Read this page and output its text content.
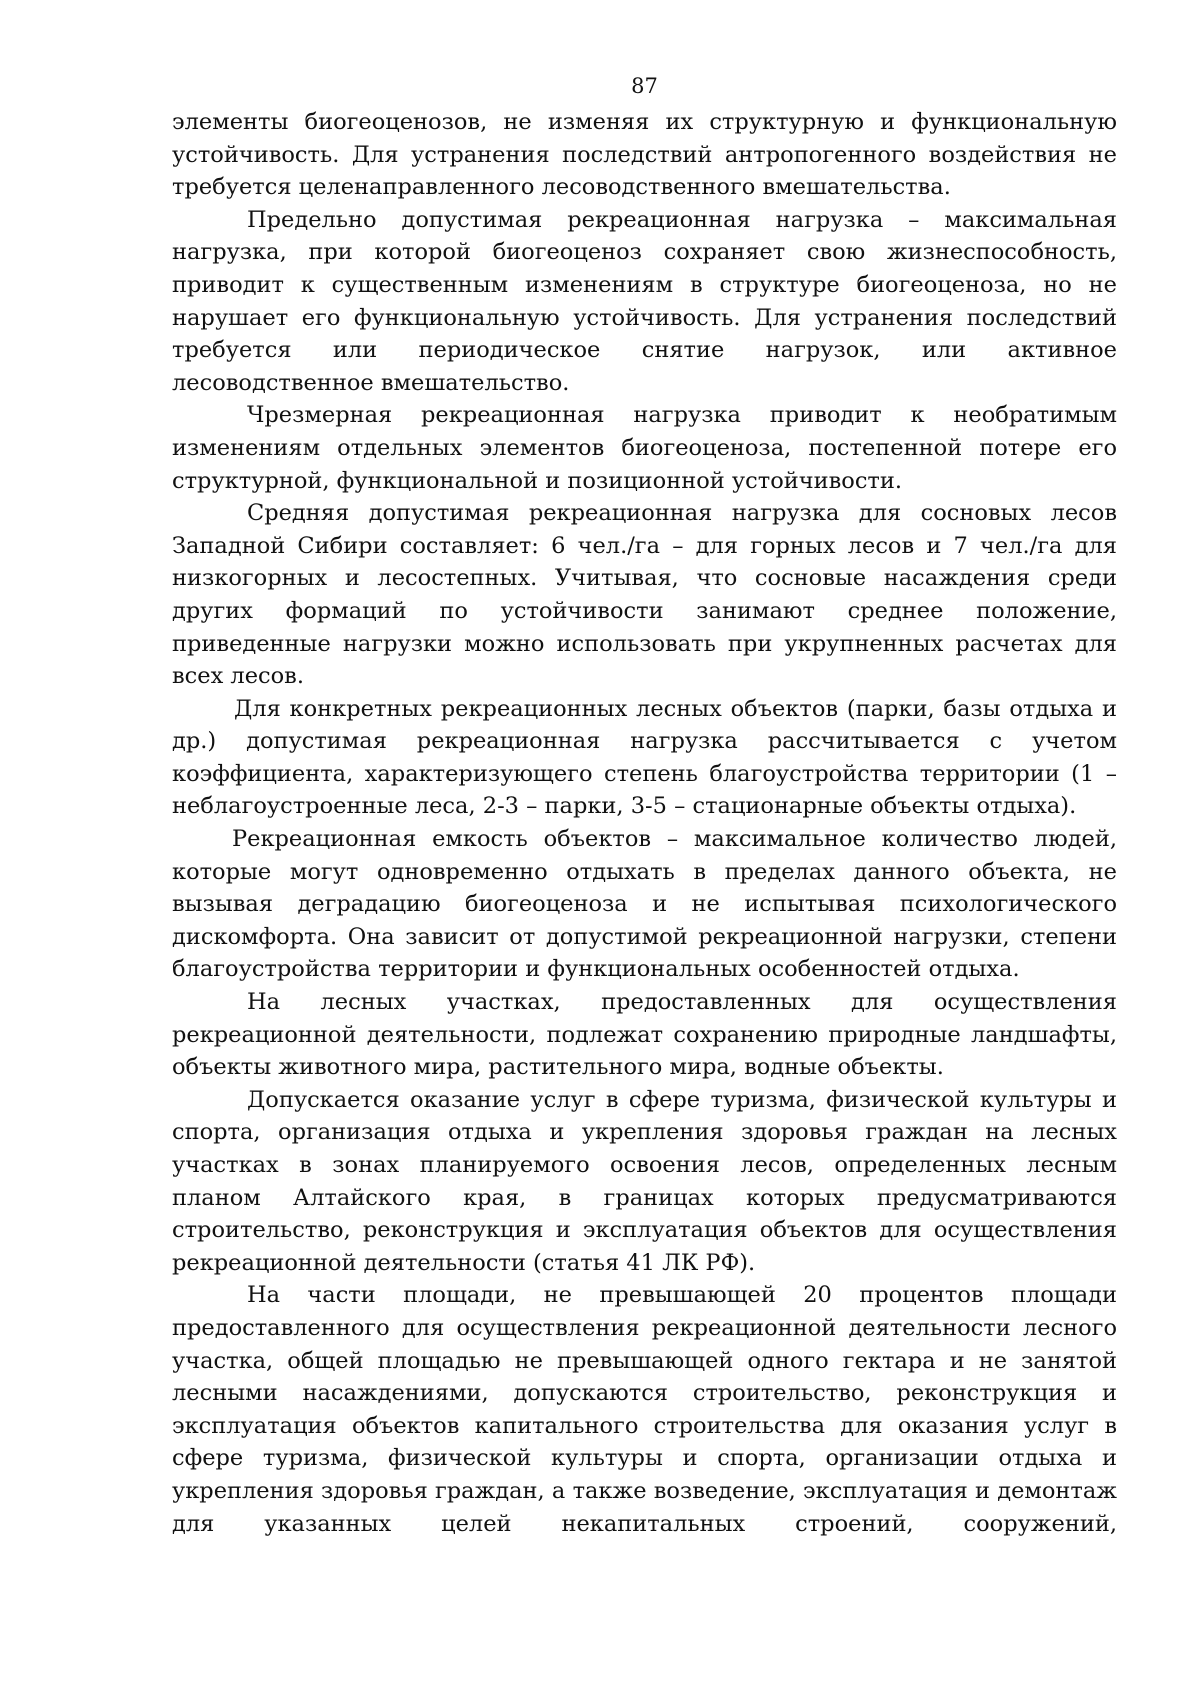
87

элементы биогеоценозов, не изменяя их структурную и функциональную устойчивость. Для устранения последствий антропогенного воздействия не требуется целенаправленного лесоводственного вмешательства.

Предельно допустимая рекреационная нагрузка – максимальная нагрузка, при которой биогеоценоз сохраняет свою жизнеспособность, приводит к существенным изменениям в структуре биогеоценоза, но не нарушает его функциональную устойчивость. Для устранения последствий требуется или периодическое снятие нагрузок, или активное лесоводственное вмешательство.

Чрезмерная рекреационная нагрузка приводит к необратимым изменениям отдельных элементов биогеоценоза, постепенной потере его структурной, функциональной и позиционной устойчивости.

Средняя допустимая рекреационная нагрузка для сосновых лесов Западной Сибири составляет: 6 чел./га – для горных лесов и 7 чел./га для низкогорных и лесостепных. Учитывая, что сосновые насаждения среди других формаций по устойчивости занимают среднее положение, приведенные нагрузки можно использовать при укрупненных расчетах для всех лесов.

Для конкретных рекреационных лесных объектов (парки, базы отдыха и др.) допустимая рекреационная нагрузка рассчитывается с учетом коэффициента, характеризующего степень благоустройства территории (1 – неблагоустроенные леса, 2-3 – парки, 3-5 – стационарные объекты отдыха).

Рекреационная емкость объектов – максимальное количество людей, которые могут одновременно отдыхать в пределах данного объекта, не вызывая деградацию биогеоценоза и не испытывая психологического дискомфорта. Она зависит от допустимой рекреационной нагрузки, степени благоустройства территории и функциональных особенностей отдыха.

На лесных участках, предоставленных для осуществления рекреационной деятельности, подлежат сохранению природные ландшафты, объекты животного мира, растительного мира, водные объекты.

Допускается оказание услуг в сфере туризма, физической культуры и спорта, организация отдыха и укрепления здоровья граждан на лесных участках в зонах планируемого освоения лесов, определенных лесным планом Алтайского края, в границах которых предусматриваются строительство, реконструкция и эксплуатация объектов для осуществления рекреационной деятельности (статья 41 ЛК РФ).

На части площади, не превышающей 20 процентов площади предоставленного для осуществления рекреационной деятельности лесного участка, общей площадью не превышающей одного гектара и не занятой лесными насаждениями, допускаются строительство, реконструкция и эксплуатация объектов капитального строительства для оказания услуг в сфере туризма, физической культуры и спорта, организации отдыха и укрепления здоровья граждан, а также возведение, эксплуатация и демонтаж для указанных целей некапитальных строений, сооружений,
